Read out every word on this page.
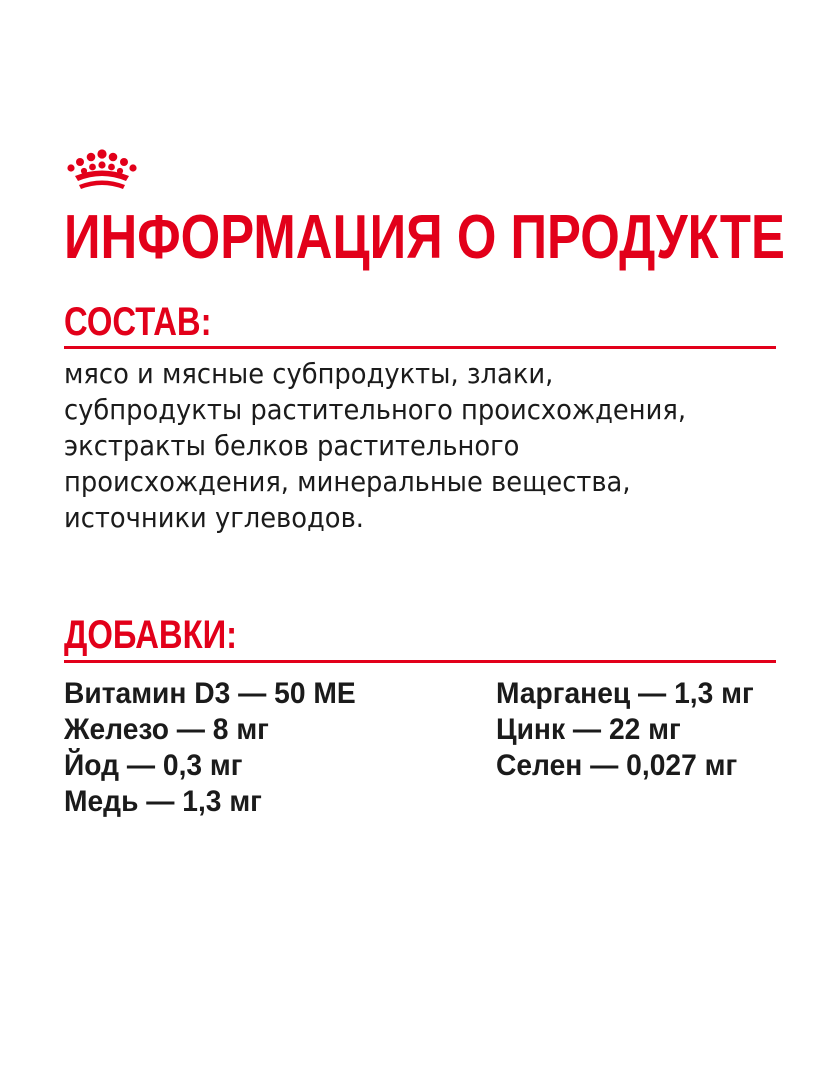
ИНФОРМАЦИЯ О ПРОДУКТЕ
СОСТАВ:

мясо и мясные субпродукты, злаки,
субпродукты растительного происхождения,
экстракты белков растительного
происхождения, минеральные вещества,
источники углеводов.

ДОБАВКИ:
Витамин D3 — 50 МЕ
Железо — 8 мг
Йод — 0,3 мг
Медь — 1,3 мг
Марганец — 1,3 мг
Цинк — 22 мг
Селен — 0,027 мг
